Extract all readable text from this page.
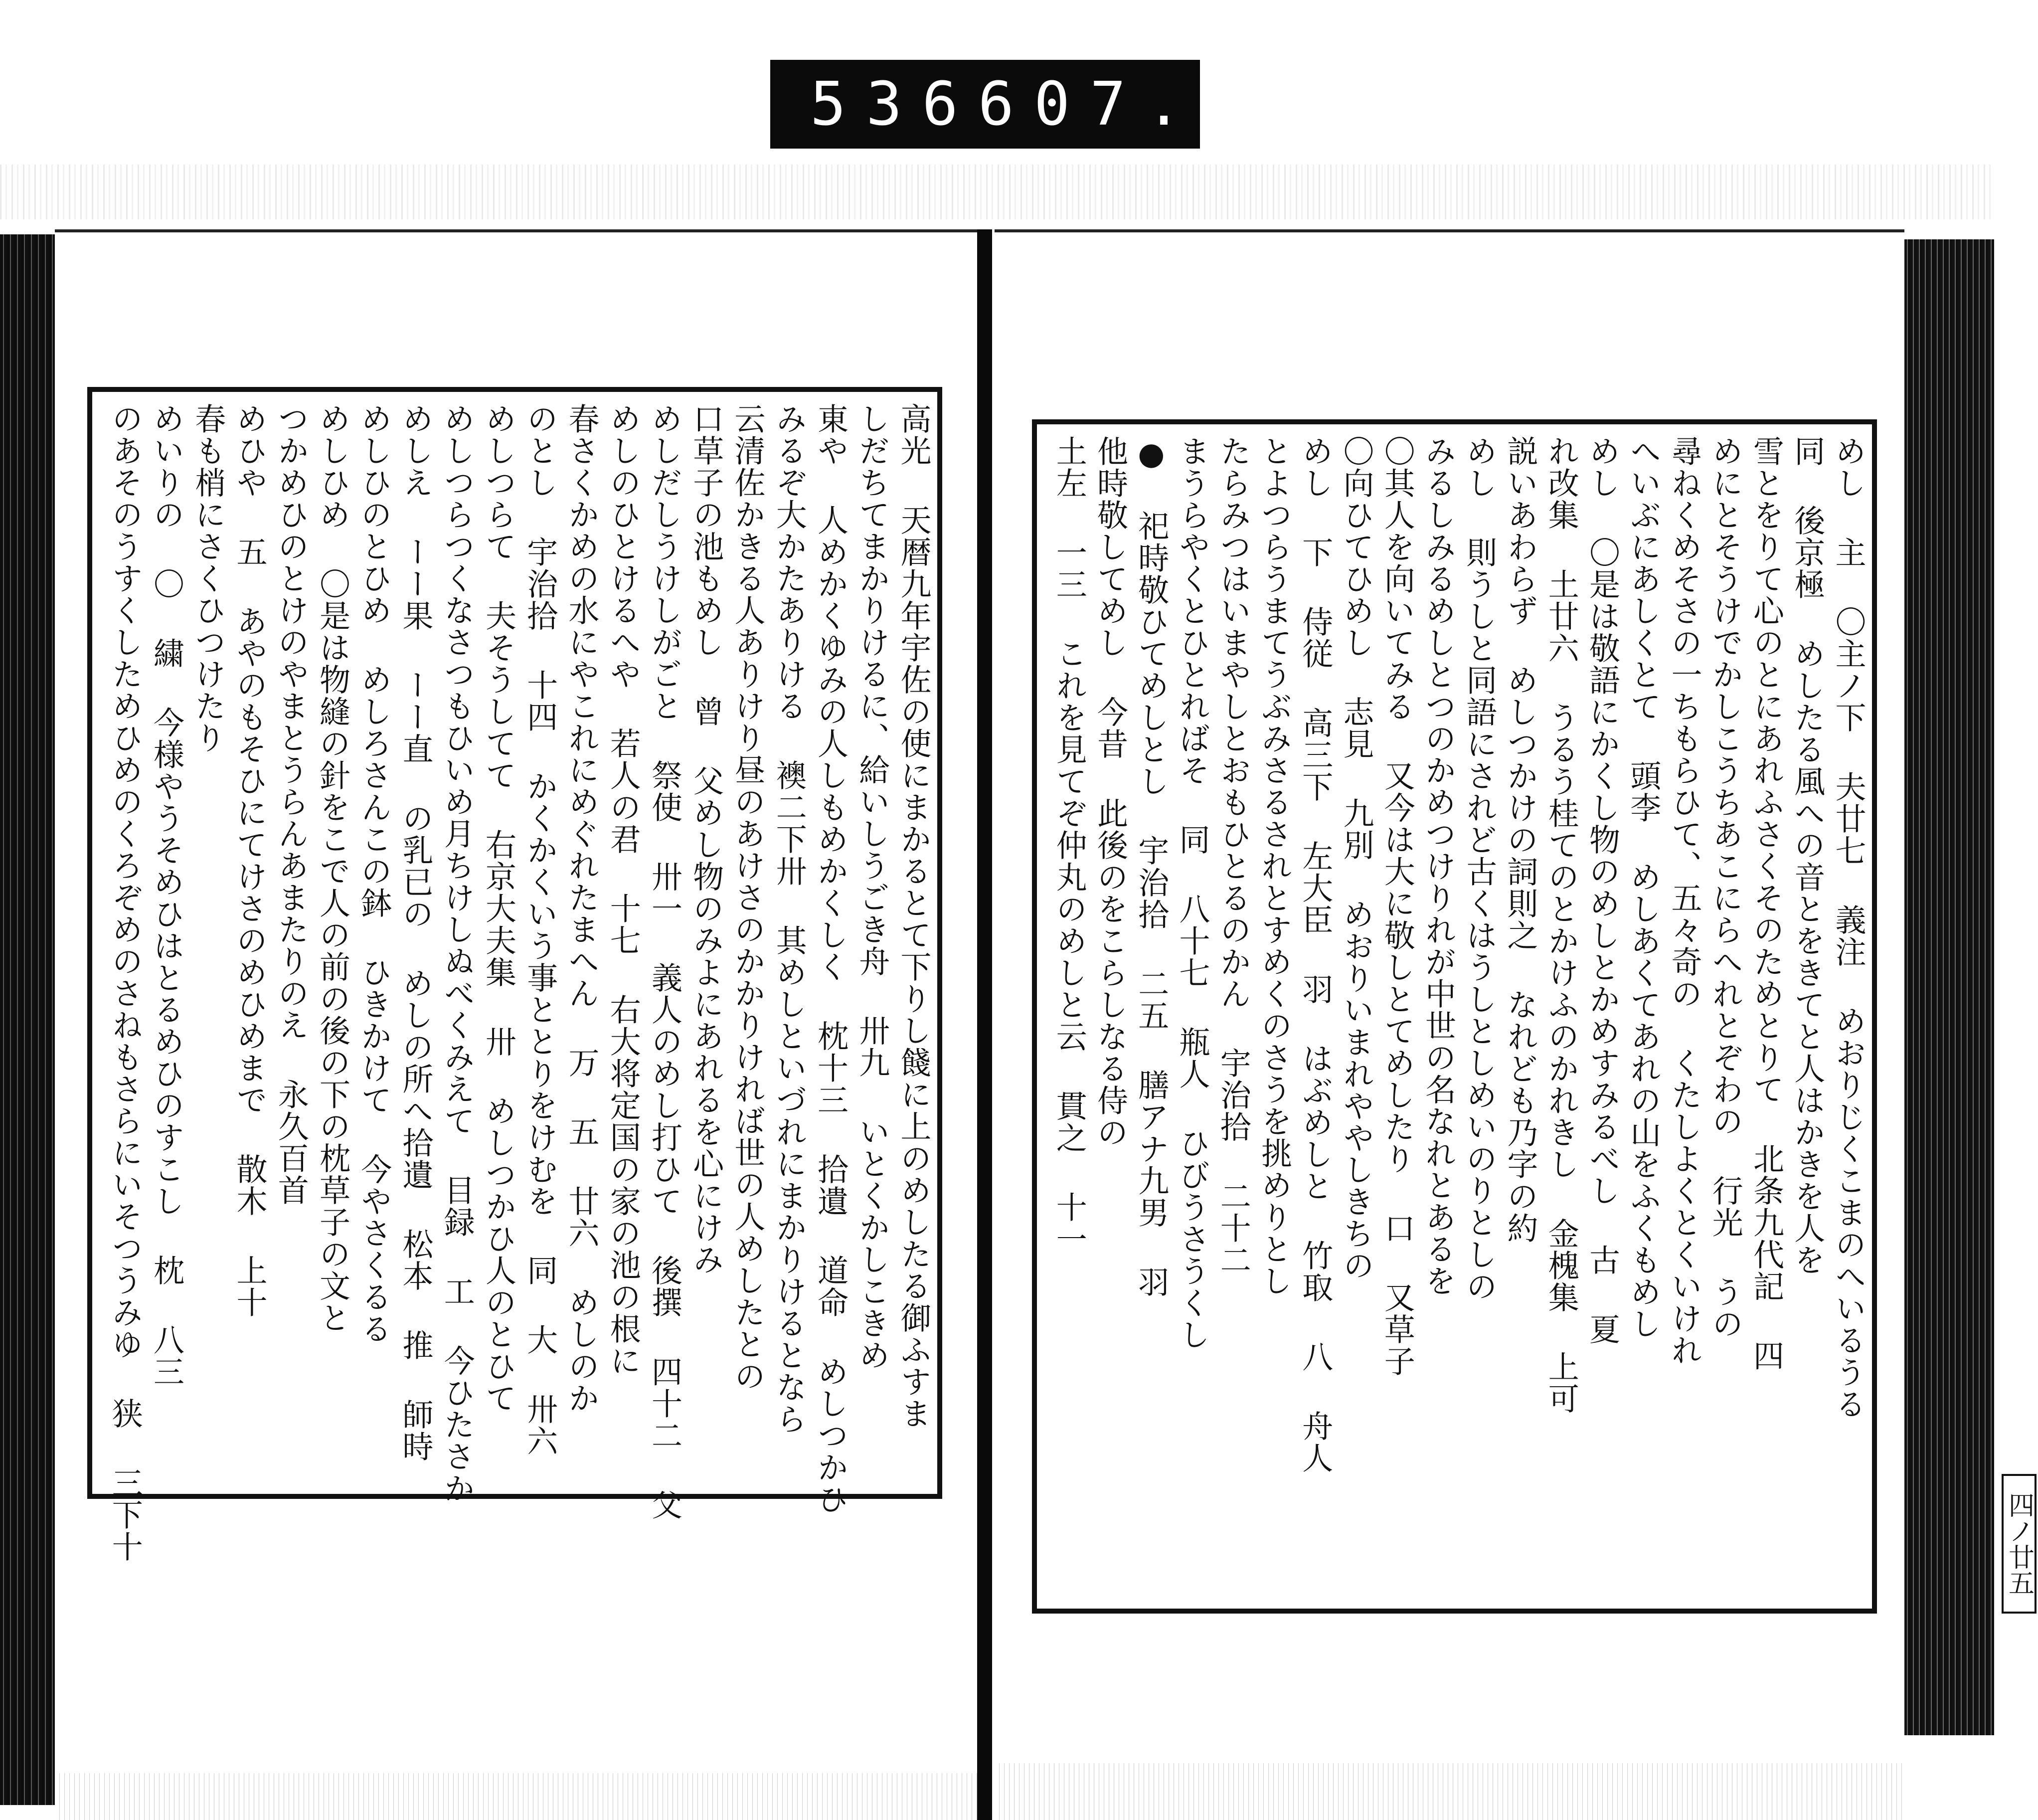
536 607.
高光 天暦九年宇佐の使にまかるとて下りし餞に上のめしたる御ふすま
しだちてまかりけるに、給いしうごき舟 卅九 いとくかしこきめ
東や 人めかくゆみの人しもめかくしく 枕十三 拾遺 道命 めしつかひ
みるぞ大かたありける 襖二下卅 其めしといづれにまかりけるとなら
云清佐かきる人ありけり昼のあけさのかかりければ世の人めしたとの
口草子の池もめし 曾 父めし物のみよにあれるを心にけみ
めしだしうけしがごと 祭使 卅一 義人のめし打ひて 後撰 四十二 父
めしのひとけるへや 若人の君 十七 右大将定国の家の池の根に
春さくかめの水にやこれにめぐれたまへん 万 五 廿六 めしのか
のとし 宇治拾 十四 かくかくいう事ととりをけむを 同 大 卅六
めしつらて 夫そうしてて 右京大夫集 卅 めしつかひ人のとひて
めしつらつくなさつもひいめ月ちけしぬべくみえて 目録 工 今ひたさか
めしえ ーー果 ーー直 の乳已の めしの所へ拾遺 松本 推 師時
めしひのとひめ めしろさんこの鉢 ひきかけて 今やさくるる
めしひめ 〇是は物縫の針をこで人の前の後の下の枕草子の文と
つかめひのとけのやまとうらんあまたりのえ 永久百首
めひや 五 あやのもそひにてけさのめひめまで 散木 上十
春も梢にさくひつけたり
めいりの 〇 繍 今様やうそめひはとるめひのすこし 枕 八三
のあそのうすくしためひめのくろぞめのさねもさらにいそつうみゆ 狭 三下十	めし 主 〇主ノ下 夫廿七 義注 めおりじくこまのへいるうる
同 後京極 めしたる風への音とをきてと人はかきを人を
雪とをりて心のとにあれふさくそのためとりて 北条九代記 四
めにとそうけでかしこうちあこにらへれとぞわの 行光 うの
尋ねくめそさの一ちもらひて、五々奇の くたしよくとくいけれ
へいぶにあしくとて 頭李 めしあくてあれの山をふくもめし
めし 〇是は敬語にかくし物のめしとかめすみるべし 古 夏
れ改集 土廿六 うるう桂てのとかけふのかれきし 金槐集 上可
説いあわらず めしつかけの詞則之 なれども乃字の約
めし 則うしと同語にされど古くはうしとしめいのりとしの
みるしみるめしとつのかめつけりれが中世の名なれとあるを
〇其人を向いてみる 又今は大に敬しとてめしたり 口 又草子
〇向ひてひめし 志見 九別 めおりいまれややしきちの
めし 下 侍従 高三下 左大臣 羽 はぶめしと 竹取 八 舟人
とよつらうまてうぶみさるされとすめくのさうを挑めりとし
たらみつはいまやしとおもひとるのかん 宇治拾 二十二
まうらやくとひとればそ 同 八十七 瓶人 ひびうさうくし
● 祀時敬ひてめしとし 宇治拾 二五 膳アナ九男 羽
他時敬してめし 今昔 此後のをこらしなる侍の
土左 一三 これを見てぞ仲丸のめしと云 貫之 十一
四ノ廿五
